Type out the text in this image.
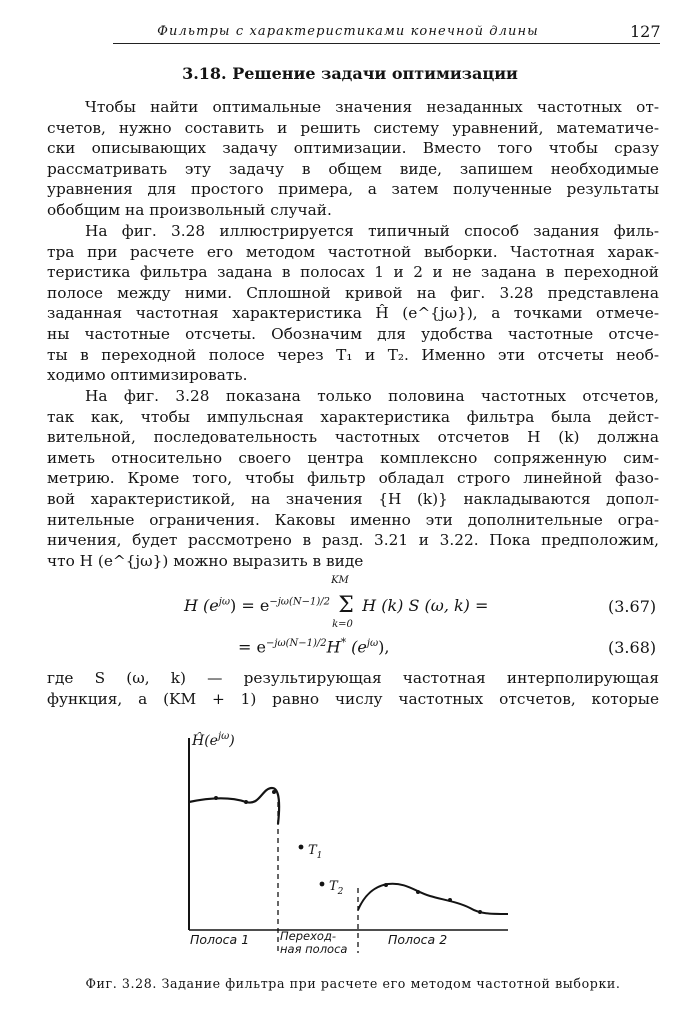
Фильтры с характеристиками конечной длины	127
3.18. Решение задачи оптимизации
Чтобы найти оптимальные значения незаданных частотных от-
счетов, нужно составить и решить систему уравнений, математиче-
ски описывающих задачу оптимизации. Вместо того чтобы сразу
рассматривать эту задачу в общем виде, запишем необходимые
уравнения для простого примера, а затем полученные результаты
обобщим на произвольный случай.
На фиг. 3.28 иллюстрируется типичный способ задания филь-
тра при расчете его методом частотной выборки. Частотная харак-
теристика фильтра задана в полосах 1 и 2 и не задана в переходной
полосе между ними. Сплошной кривой на фиг. 3.28 представлена
заданная частотная характеристика Ĥ (e^{jω}), а точками отмече-
ны частотные отсчеты. Обозначим для удобства частотные отсче-
ты в переходной полосе через T₁ и T₂. Именно эти отсчеты необ-
ходимо оптимизировать.
На фиг. 3.28 показана только половина частотных отсчетов,
так как, чтобы импульсная характеристика фильтра была дейст-
вительной, последовательность частотных отсчетов H (k) должна
иметь относительно своего центра комплексно сопряженную сим-
метрию. Кроме того, чтобы фильтр обладал строго линейной фазо-
вой характеристикой, на значения {H (k)} накладываются допол-
нительные ограничения. Каковы именно эти дополнительные огра-
ничения, будет рассмотрено в разд. 3.21 и 3.22. Пока предположим,
что H (e^{jω}) можно выразить в виде
H $(e^{j\omega}) = e^{-j\omega(N-1)/2}$
KM
Σ
k=0
H (k) S (ω, k) =	(3.67)
= $e^{-j\omega(N-1)/2}H^*$ $(e^{j\omega})$,	(3.68)
где S (ω, k) — результирующая частотная интерполирующая
функция, а (KM + 1) равно числу частотных отсчетов, которые
$Ĥ(e^{j\omega})$
$T_1$
$T_2$
Полоса 1	Переход-
ная полоса
Полоса 2
Фиг. 3.28. Задание фильтра при расчете его методом частотной выборки.
